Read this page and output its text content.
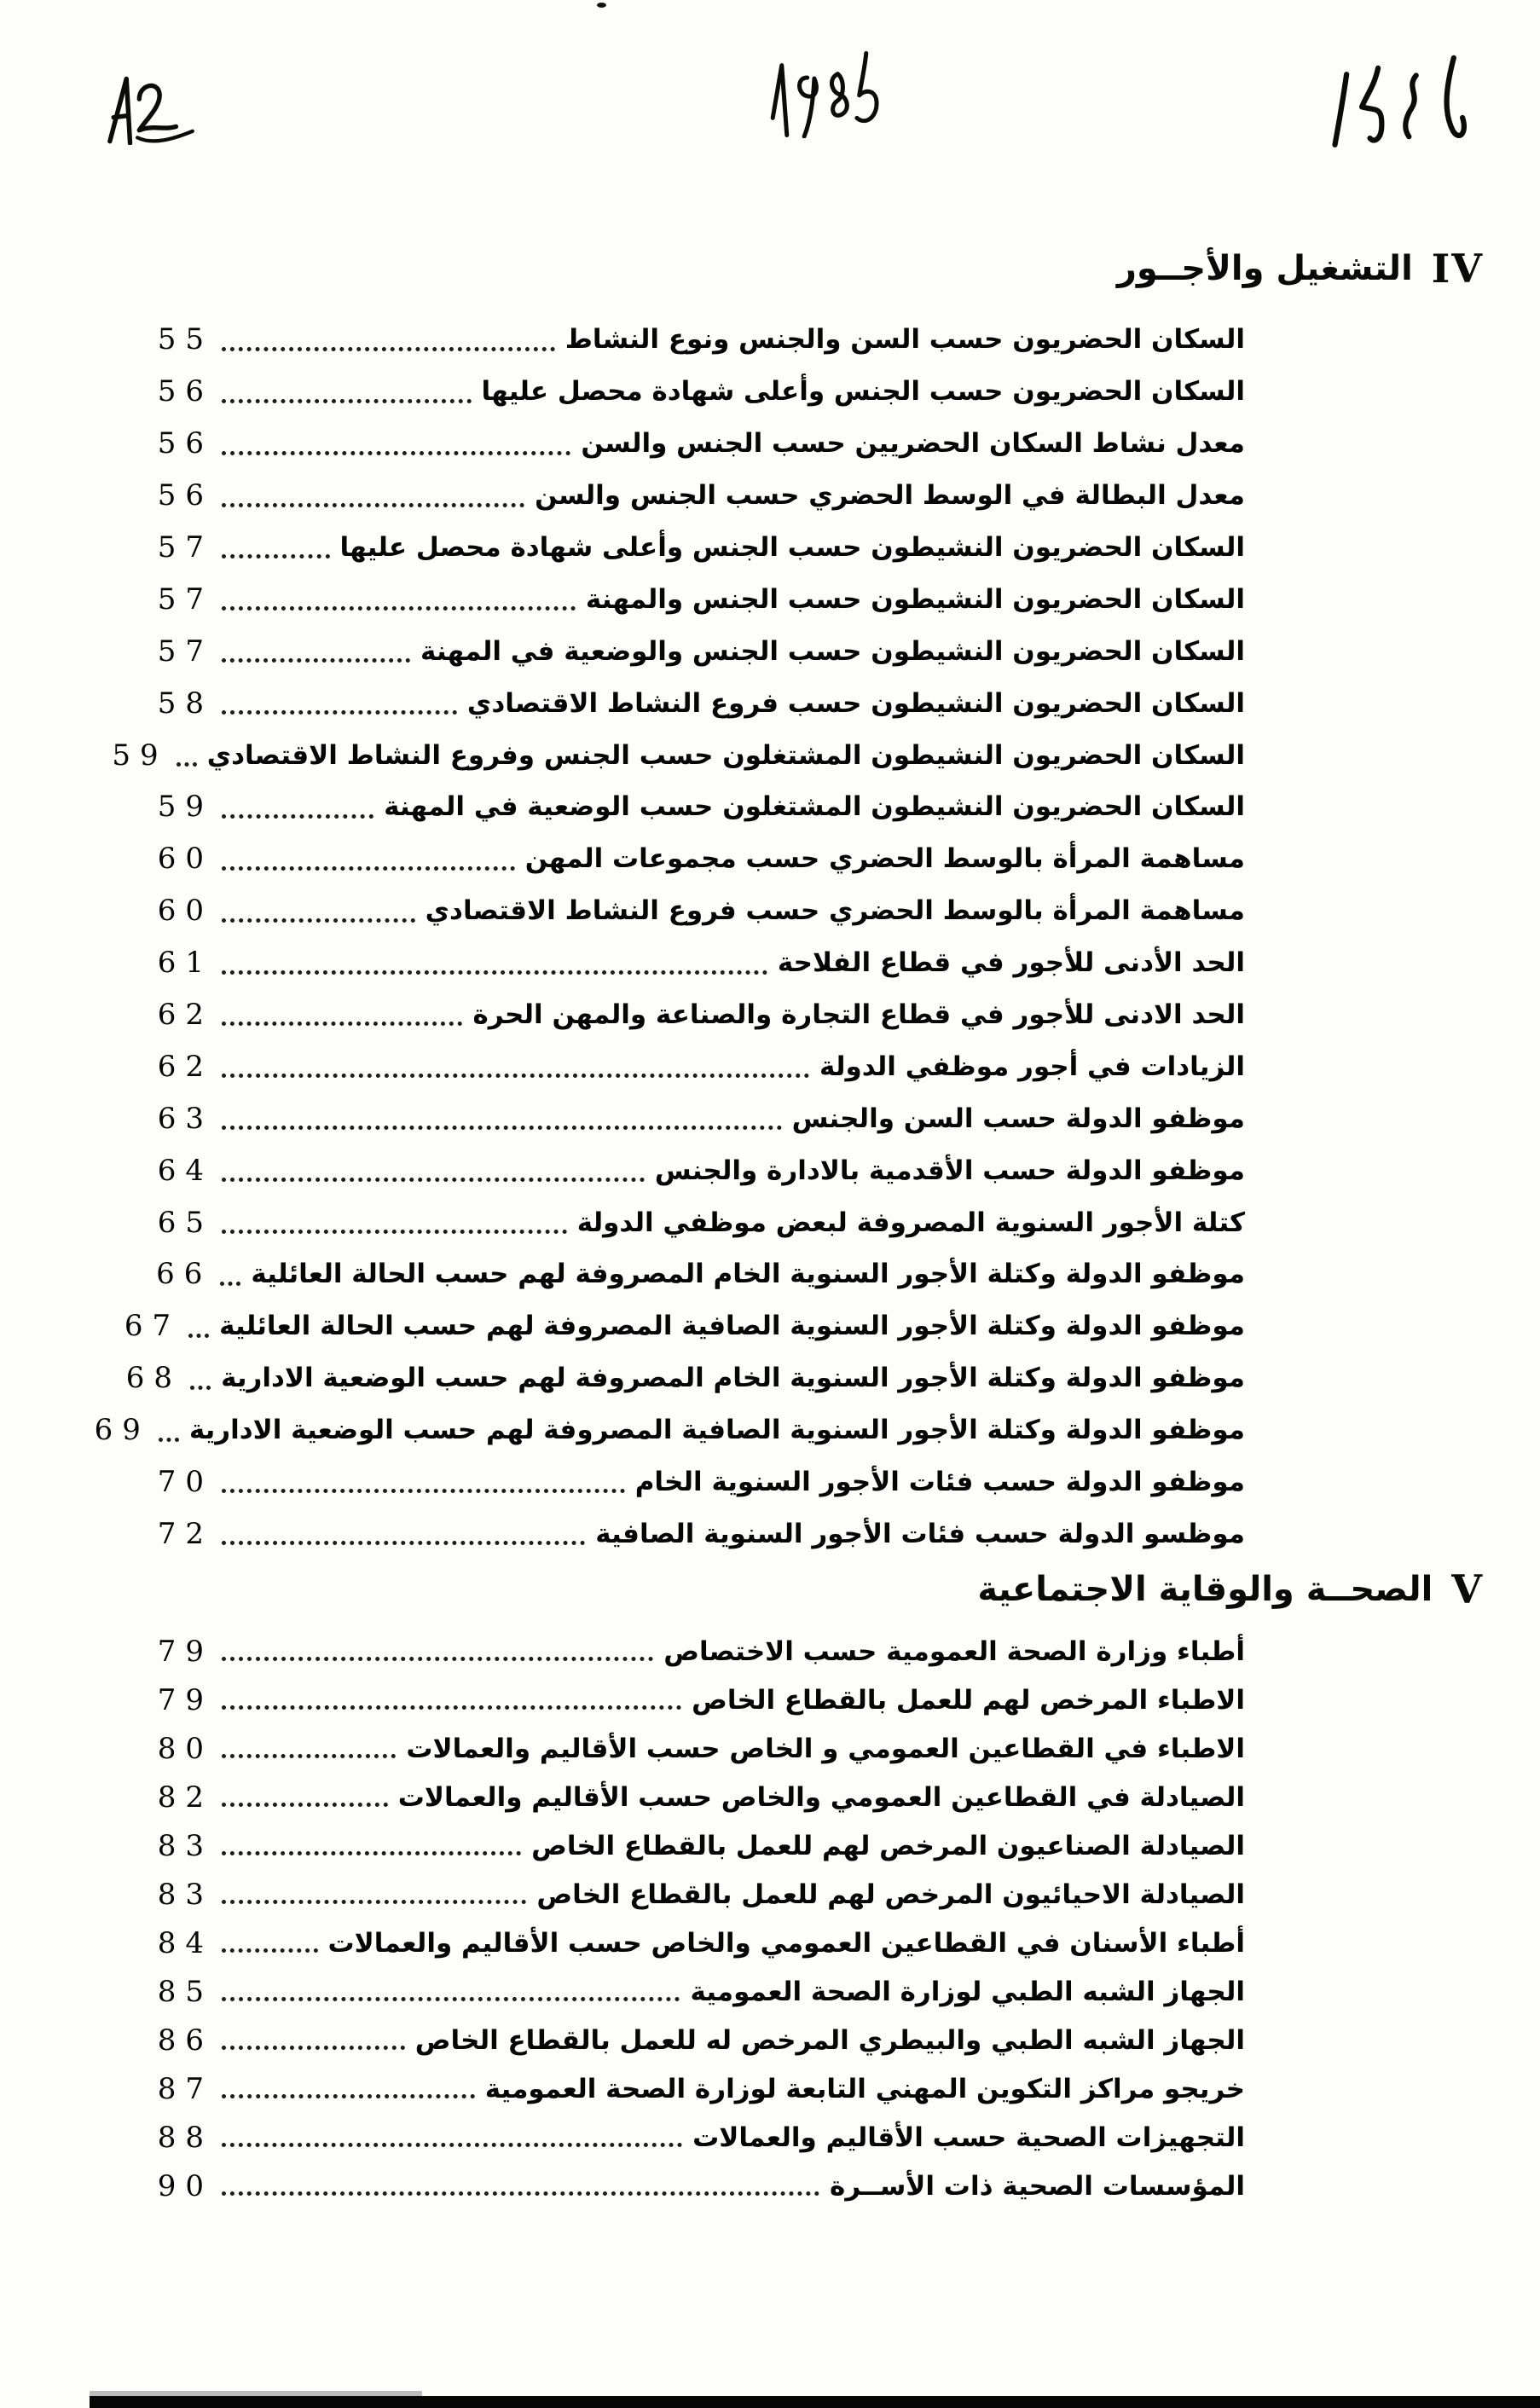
IV
التشغيل والأجــور
السكان الحضريون حسب السن والجنس ونوع النشاط
55
السكان الحضريون حسب الجنس وأعلى شهادة محصل عليها
56
معدل نشاط السكان الحضريين حسب الجنس والسن
56
معدل البطالة في الوسط الحضري حسب الجنس والسن
56
السكان الحضريون النشيطون حسب الجنس وأعلى شهادة محصل عليها
57
السكان الحضريون النشيطون حسب الجنس والمهنة
57
السكان الحضريون النشيطون حسب الجنس والوضعية في المهنة
57
السكان الحضريون النشيطون حسب فروع النشاط الاقتصادي
58
السكان الحضريون النشيطون المشتغلون حسب الجنس وفروع النشاط الاقتصادي
59
السكان الحضريون النشيطون المشتغلون حسب الوضعية في المهنة
59
مساهمة المرأة بالوسط الحضري حسب مجموعات المهن
60
مساهمة المرأة بالوسط الحضري حسب فروع النشاط الاقتصادي
60
الحد الأدنى للأجور في قطاع الفلاحة
61
الحد الادنى للأجور في قطاع التجارة والصناعة والمهن الحرة
62
الزيادات في أجور موظفي الدولة
62
موظفو الدولة حسب السن والجنس
63
موظفو الدولة حسب الأقدمية بالادارة والجنس
64
كتلة الأجور السنوية المصروفة لبعض موظفي الدولة
65
موظفو الدولة وكتلة الأجور السنوية الخام المصروفة لهم حسب الحالة العائلية
66
موظفو الدولة وكتلة الأجور السنوية الصافية المصروفة لهم حسب الحالة العائلية
67
موظفو الدولة وكتلة الأجور السنوية الخام المصروفة لهم حسب الوضعية الادارية
68
موظفو الدولة وكتلة الأجور السنوية الصافية المصروفة لهم حسب الوضعية الادارية
69
موظفو الدولة حسب فئات الأجور السنوية الخام
70
موظسو الدولة حسب فئات الأجور السنوية الصافية
72
V
الصحــة والوقاية الاجتماعية
أطباء وزارة الصحة العمومية حسب الاختصاص
79
الاطباء المرخص لهم للعمل بالقطاع الخاص
79
الاطباء في القطاعين العمومي و الخاص حسب الأقاليم والعمالات
80
الصيادلة في القطاعين العمومي والخاص حسب الأقاليم والعمالات
82
الصيادلة الصناعيون المرخص لهم للعمل بالقطاع الخاص
83
الصيادلة الاحيائيون المرخص لهم للعمل بالقطاع الخاص
83
أطباء الأسنان في القطاعين العمومي والخاص حسب الأقاليم والعمالات
84
الجهاز الشبه الطبي لوزارة الصحة العمومية
85
الجهاز الشبه الطبي والبيطري المرخص له للعمل بالقطاع الخاص
86
خريجو مراكز التكوين المهني التابعة لوزارة الصحة العمومية
87
التجهيزات الصحية حسب الأقاليم والعمالات
88
المؤسسات الصحية ذات الأســرة
90
